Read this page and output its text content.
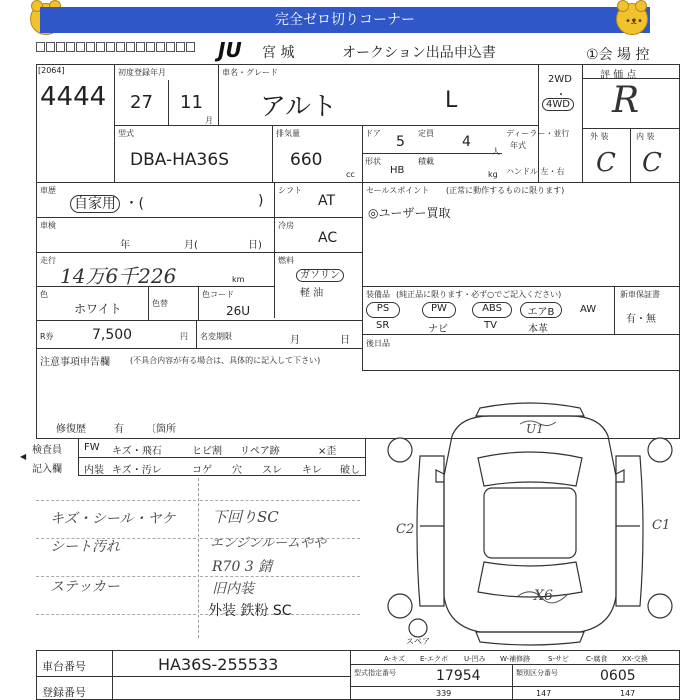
完全ゼロ切りコーナー	•ᴥ•
JU 宮 城	オークション出品申込書	①会 場 控
[2064]
4444
初度登録年月
27 11
月
車名・グレード
アルト	L
2WD
・
4WD
評 価 点
R
型式
DBA-HA36S
排気量
660
cc
ドア
5
定員
4
人
ディーラー・並行
年式
形状
HB
積載
kg ハンドル 左・右
外 装	内 装
C C
車歴
自家用 ・(	)
シフト
AT
セールスポイント (正常に動作するものに限ります)
◎ユーザー買取
車検
年	月(	日)
冷房
AC
走行
14万6千226	km
燃料
ガソリン
軽 油
色
ホワイト	色替
色コード
26U
装備品 (純正品に限ります・必ず○でご記入ください)
PS	PW	ABS	エアB	AW
SR	ナビ	TV	本革
新車保証書
有・無
R券	7,500	円 名変期限	月	日 後日品
注意事項申告欄	(不具合内容が有る場合は、具体的に記入して下さい)
修復歴	有 〔箇所
検査員
記入欄
◀
FW キズ・飛石	ヒビ割 リペア跡	×歪
内装 キズ・汚レ	コゲ 穴 スレ キレ 破し
キズ・シール・ヤケ
シート汚れ
ステッカー
下回りSC
エンジンルームやや
R70 3 錆
旧内装
外装 鉄粉 SC
U1
C2	C1
X6
スペア
車台番号	HA36S-255533
登録番号
A-キズ E-エクボ U-凹み W-補修跡	S-サビ C-腐食 XX-交換
型式指定番号	17954	類別区分番号	0605
339	147	147
